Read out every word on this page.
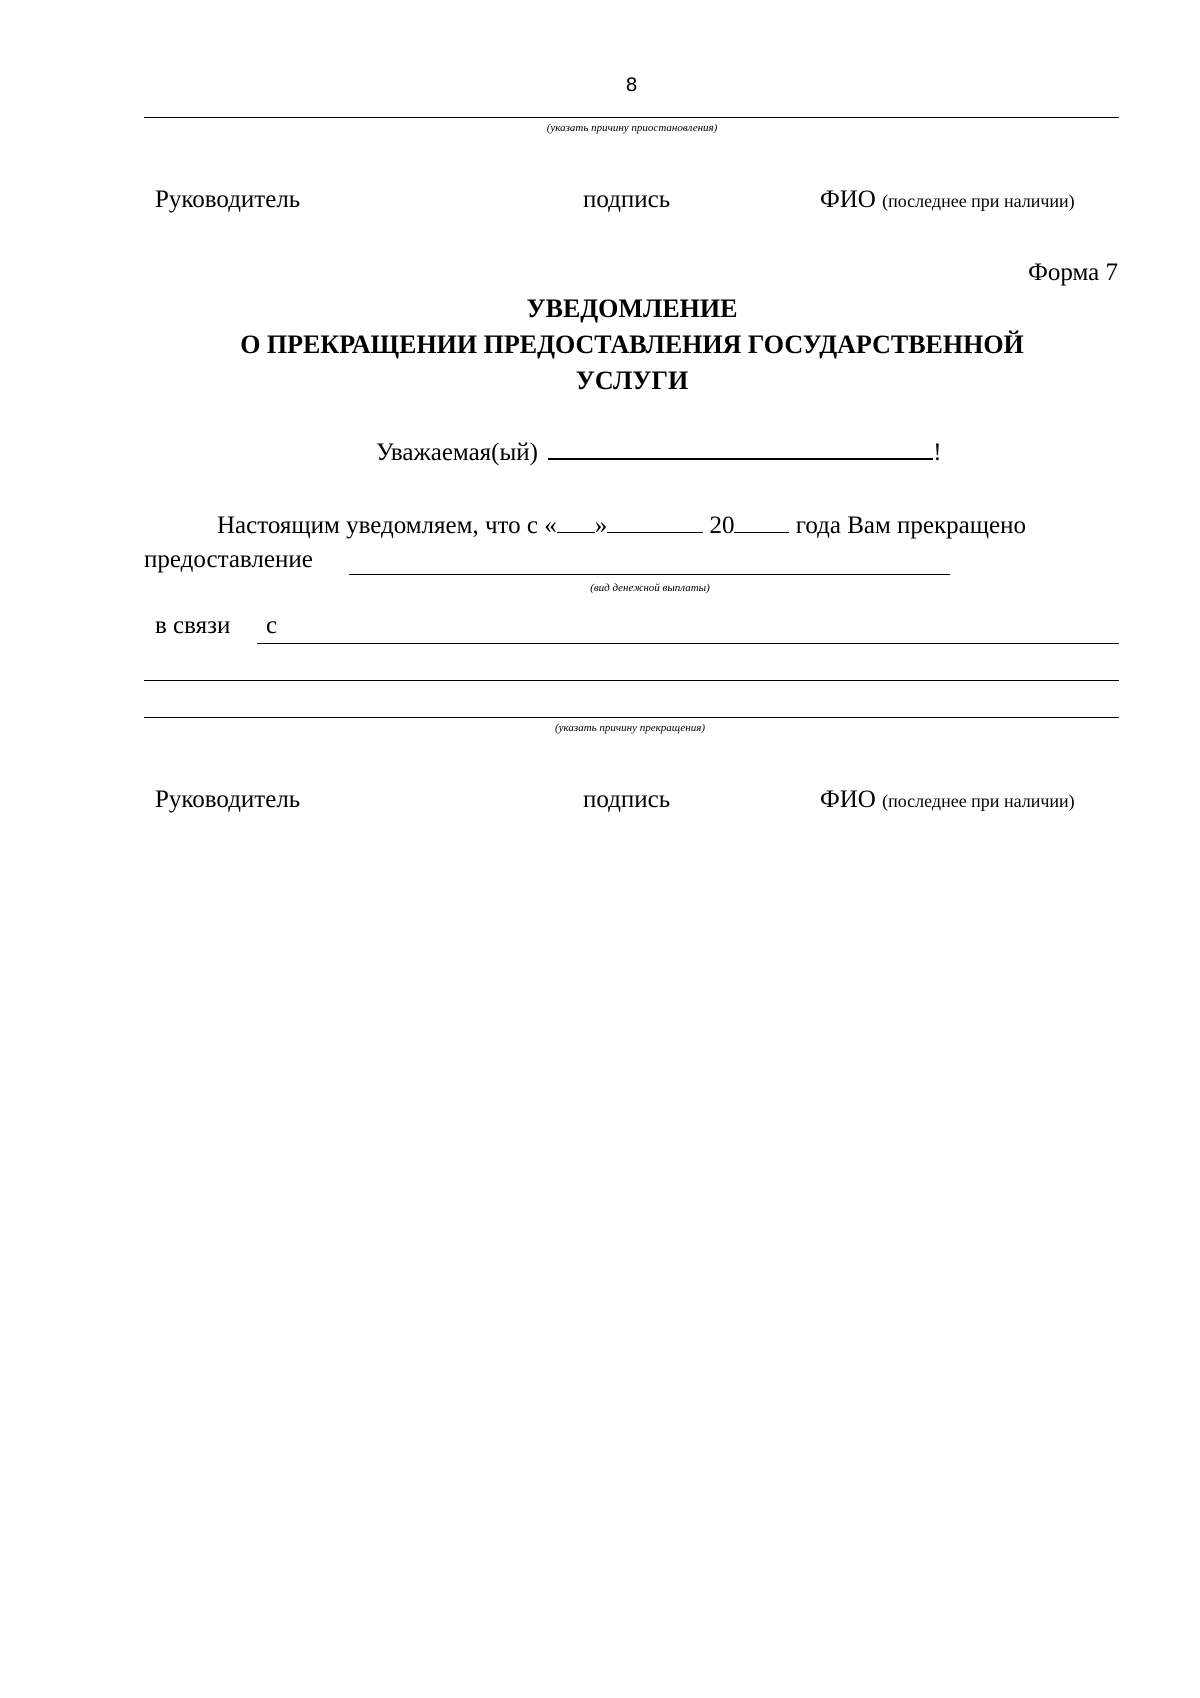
8
(указать причину приостановления)
Руководитель	подпись	ФИО (последнее при наличии)
Форма 7
УВЕДОМЛЕНИЕ
О ПРЕКРАЩЕНИИ ПРЕДОСТАВЛЕНИЯ ГОСУДАРСТВЕННОЙ
УСЛУГИ
Уважаемая(ый)	!
Настоящим уведомляем, что с « »	20 года Вам прекращено
предоставление
(вид денежной выплаты)
в связи с
(указать причину прекращения)
Руководитель	подпись	ФИО (последнее при наличии)
